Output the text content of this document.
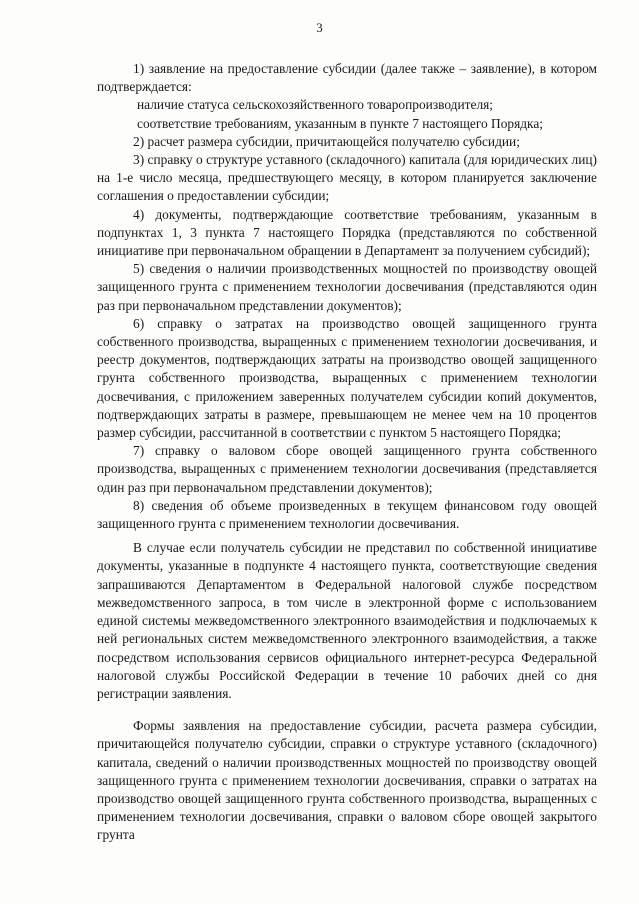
3

1) заявление на предоставление субсидии (далее также – заявление), в котором подтверждается:

наличие статуса сельскохозяйственного товаропроизводителя;

соответствие требованиям, указанным в пункте 7 настоящего Порядка;

2) расчет размера субсидии, причитающейся получателю субсидии;

3) справку о структуре уставного (складочного) капитала (для юридических лиц) на 1-е число месяца, предшествующего месяцу, в котором планируется заключение соглашения о предоставлении субсидии;

4) документы, подтверждающие соответствие требованиям, указанным в подпунктах 1, 3 пункта 7 настоящего Порядка (представляются по собственной инициативе при первоначальном обращении в Департамент за получением субсидий);

5) сведения о наличии производственных мощностей по производству овощей защищенного грунта с применением технологии досвечивания (представляются один раз при первоначальном представлении документов);

6) справку о затратах на производство овощей защищенного грунта собственного производства, выращенных с применением технологии досвечивания, и реестр документов, подтверждающих затраты на производство овощей защищенного грунта собственного производства, выращенных с применением технологии досвечивания, с приложением заверенных получателем субсидии копий документов, подтверждающих затраты в размере, превышающем не менее чем на 10 процентов размер субсидии, рассчитанной в соответствии с пунктом 5 настоящего Порядка;

7) справку о валовом сборе овощей защищенного грунта собственного производства, выращенных с применением технологии досвечивания (представляется один раз при первоначальном представлении документов);

8) сведения об объеме произведенных в текущем финансовом году овощей защищенного грунта с применением технологии досвечивания.

В случае если получатель субсидии не представил по собственной инициативе документы, указанные в подпункте 4 настоящего пункта, соответствующие сведения запрашиваются Департаментом в Федеральной налоговой службе посредством межведомственного запроса, в том числе в электронной форме с использованием единой системы межведомственного электронного взаимодействия и подключаемых к ней региональных систем межведомственного электронного взаимодействия, а также посредством использования сервисов официального интернет-ресурса Федеральной налоговой службы Российской Федерации в течение 10 рабочих дней со дня регистрации заявления.

Формы заявления на предоставление субсидии, расчета размера субсидии, причитающейся получателю субсидии, справки о структуре уставного (складочного) капитала, сведений о наличии производственных мощностей по производству овощей защищенного грунта с применением технологии досвечивания, справки о затратах на производство овощей защищенного грунта собственного производства, выращенных с применением технологии досвечивания, справки о валовом сборе овощей закрытого грунта
